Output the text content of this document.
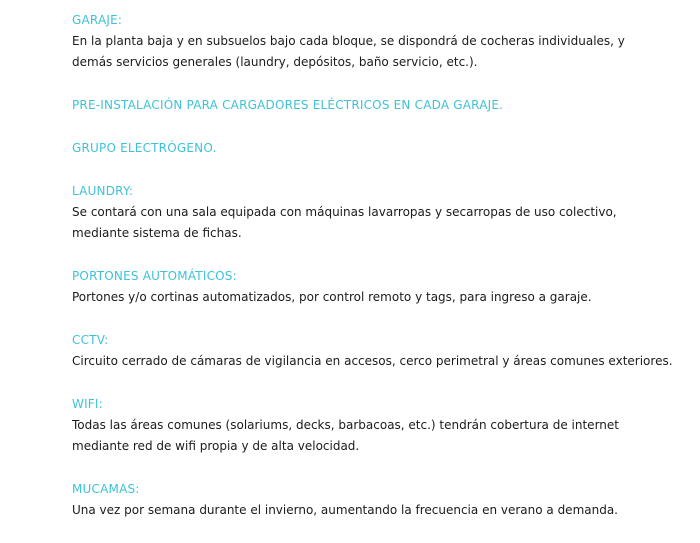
GARAJE:
En la planta baja y en subsuelos bajo cada bloque, se dispondrá de cocheras individuales, y
demás servicios generales (laundry, depósitos, baño servicio, etc.).
PRE-INSTALACIÓN PARA CARGADORES ELÉCTRICOS EN CADA GARAJE.
GRUPO ELECTRÓGENO.
LAUNDRY:
Se contará con una sala equipada con máquinas lavarropas y secarropas de uso colectivo,
mediante sistema de fichas.
PORTONES AUTOMÁTICOS:
Portones y/o cortinas automatizados, por control remoto y tags, para ingreso a garaje.
CCTV:
Circuito cerrado de cámaras de vigilancia en accesos, cerco perimetral y áreas comunes exteriores.
WIFI:
Todas las áreas comunes (solariums, decks, barbacoas, etc.) tendrán cobertura de internet
mediante red de wifi propia y de alta velocidad.
MUCAMAS:
Una vez por semana durante el invierno, aumentando la frecuencia en verano a demanda.
